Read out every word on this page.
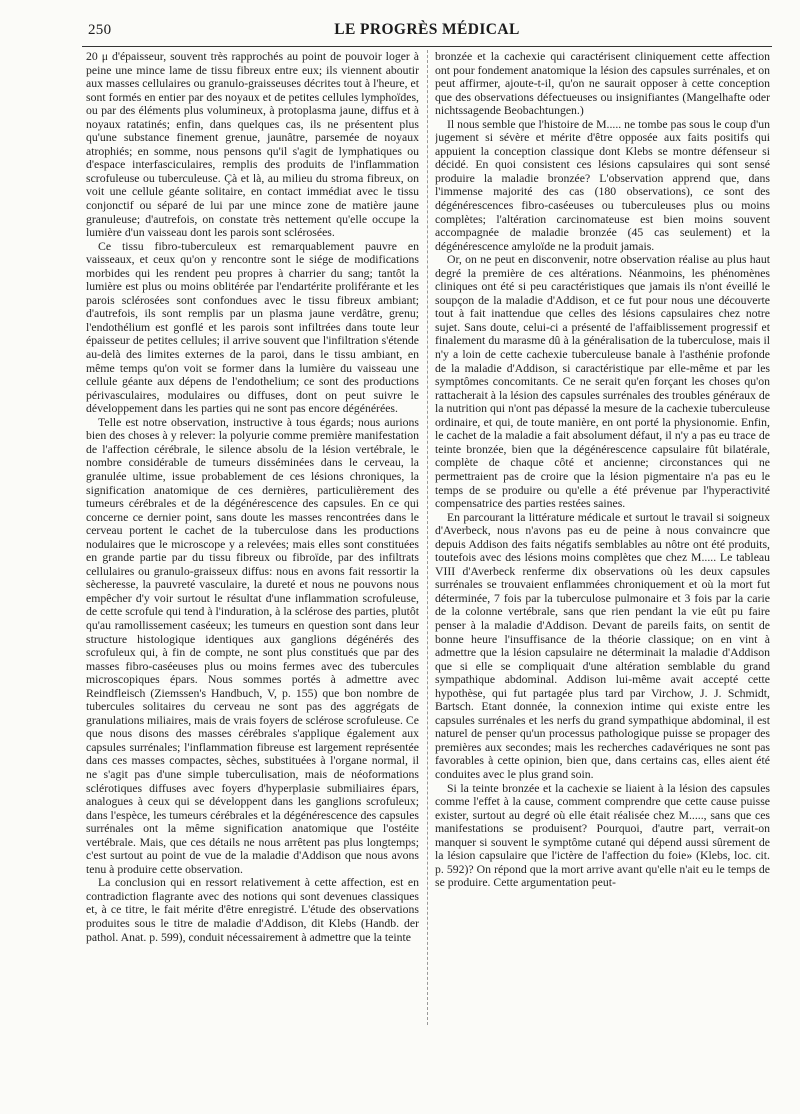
250	LE PROGRÈS MÉDICAL

20 μ d'épaisseur, souvent très rapprochés au point de pouvoir loger à peine une mince lame de tissu fibreux entre eux; ils viennent aboutir aux masses cellulaires ou granulo-graisseuses décrites tout à l'heure, et sont formés en entier par des noyaux et de petites cellules lymphoïdes, ou par des éléments plus volumineux, à protoplasma jaune, diffus et à noyaux ratatinés; enfin, dans quelques cas, ils ne présentent plus qu'une substance finement grenue, jaunâtre, parsemée de noyaux atrophiés; en somme, nous pensons qu'il s'agit de lymphatiques ou d'espace interfasciculaires, remplis des produits de l'inflammation scrofuleuse ou tuberculeuse. Çà et là, au milieu du stroma fibreux, on voit une cellule géante solitaire, en contact immédiat avec le tissu conjonctif ou séparé de lui par une mince zone de matière jaune granuleuse; d'autrefois, on constate très nettement qu'elle occupe la lumière d'un vaisseau dont les parois sont sclérosées.

Ce tissu fibro-tuberculeux est remarquablement pauvre en vaisseaux, et ceux qu'on y rencontre sont le siége de modifications morbides qui les rendent peu propres à charrier du sang; tantôt la lumière est plus ou moins oblitérée par l'endartérite proliférante et les parois sclérosées sont confondues avec le tissu fibreux ambiant; d'autrefois, ils sont remplis par un plasma jaune verdâtre, grenu; l'endothélium est gonflé et les parois sont infiltrées dans toute leur épaisseur de petites cellules; il arrive souvent que l'infiltration s'étende au-delà des limites externes de la paroi, dans le tissu ambiant, en même temps qu'on voit se former dans la lumière du vaisseau une cellule géante aux dépens de l'endothelium; ce sont des productions périvasculaires, modulaires ou diffuses, dont on peut suivre le développement dans les parties qui ne sont pas encore dégénérées.

Telle est notre observation, instructive à tous égards; nous aurions bien des choses à y relever: la polyurie comme première manifestation de l'affection cérébrale, le silence absolu de la lésion vertébrale, le nombre considérable de tumeurs disséminées dans le cerveau, la granulée ultime, issue probablement de ces lésions chroniques, la signification anatomique de ces dernières, particulièrement des tumeurs cérébrales et de la dégénérescence des capsules. En ce qui concerne ce dernier point, sans doute les masses rencontrées dans le cerveau portent le cachet de la tuberculose dans les productions nodulaires que le microscope y a relevées; mais elles sont constituées en grande partie par du tissu fibreux ou fibroïde, par des infiltrats cellulaires ou granulo-graisseux diffus: nous en avons fait ressortir la sècheresse, la pauvreté vasculaire, la dureté et nous ne pouvons nous empêcher d'y voir surtout le résultat d'une inflammation scrofuleuse, de cette scrofule qui tend à l'induration, à la sclérose des parties, plutôt qu'au ramollissement caséeux; les tumeurs en question sont dans leur structure histologique identiques aux ganglions dégénérés des scrofuleux qui, à fin de compte, ne sont plus constitués que par des masses fibro-caséeuses plus ou moins fermes avec des tubercules microscopiques épars. Nous sommes portés à admettre avec Reindfleisch (Ziemssen's Handbuch, V, p. 155) que bon nombre de tubercules solitaires du cerveau ne sont pas des aggrégats de granulations miliaires, mais de vrais foyers de sclérose scrofuleuse. Ce que nous disons des masses cérébrales s'applique également aux capsules surrénales; l'inflammation fibreuse est largement représentée dans ces masses compactes, sèches, substituées à l'organe normal, il ne s'agit pas d'une simple tuberculisation, mais de néoformations sclérotiques diffuses avec foyers d'hyperplasie submiliaires épars, analogues à ceux qui se développent dans les ganglions scrofuleux; dans l'espèce, les tumeurs cérébrales et la dégénérescence des capsules surrénales ont la même signification anatomique que l'ostéite vertébrale. Mais, que ces détails ne nous arrêtent pas plus longtemps; c'est surtout au point de vue de la maladie d'Addison que nous avons tenu à produire cette observation.

La conclusion qui en ressort relativement à cette affection, est en contradiction flagrante avec des notions qui sont devenues classiques et, à ce titre, le fait mérite d'être enregistré. L'étude des observations produites sous le titre de maladie d'Addison, dit Klebs (Handb. der pathol. Anat. p. 599), conduit nécessairement à admettre que la teinte

bronzée et la cachexie qui caractérisent cliniquement cette affection ont pour fondement anatomique la lésion des capsules surrénales, et on peut affirmer, ajoute-t-il, qu'on ne saurait opposer à cette conception que des observations défectueuses ou insignifiantes (Mangelhafte oder nichtssagende Beobachtungen.)

Il nous semble que l'histoire de M..... ne tombe pas sous le coup d'un jugement si sévère et mérite d'être opposée aux faits positifs qui appuient la conception classique dont Klebs se montre défenseur si décidé. En quoi consistent ces lésions capsulaires qui sont sensé produire la maladie bronzée? L'observation apprend que, dans l'immense majorité des cas (180 observations), ce sont des dégénérescences fibro-caséeuses ou tuberculeuses plus ou moins complètes; l'altération carcinomateuse est bien moins souvent accompagnée de maladie bronzée (45 cas seulement) et la dégénérescence amyloïde ne la produit jamais.

Or, on ne peut en disconvenir, notre observation réalise au plus haut degré la première de ces altérations. Néanmoins, les phénomènes cliniques ont été si peu caractéristiques que jamais ils n'ont éveillé le soupçon de la maladie d'Addison, et ce fut pour nous une découverte tout à fait inattendue que celles des lésions capsulaires chez notre sujet. Sans doute, celui-ci a présenté de l'affaiblissement progressif et finalement du marasme dû à la généralisation de la tuberculose, mais il n'y a loin de cette cachexie tuberculeuse banale à l'asthénie profonde de la maladie d'Addison, si caractéristique par elle-même et par les symptômes concomitants. Ce ne serait qu'en forçant les choses qu'on rattacherait à la lésion des capsules surrénales des troubles généraux de la nutrition qui n'ont pas dépassé la mesure de la cachexie tuberculeuse ordinaire, et qui, de toute manière, en ont porté la physionomie. Enfin, le cachet de la maladie a fait absolument défaut, il n'y a pas eu trace de teinte bronzée, bien que la dégénérescence capsulaire fût bilatérale, complète de chaque côté et ancienne; circonstances qui ne permettraient pas de croire que la lésion pigmentaire n'a pas eu le temps de se produire ou qu'elle a été prévenue par l'hyperactivité compensatrice des parties restées saines.

En parcourant la littérature médicale et surtout le travail si soigneux d'Averbeck, nous n'avons pas eu de peine à nous convaincre que depuis Addison des faits négatifs semblables au nôtre ont été produits, toutefois avec des lésions moins complètes que chez M..... Le tableau VIII d'Averbeck renferme dix observations où les deux capsules surrénales se trouvaient enflammées chroniquement et où la mort fut déterminée, 7 fois par la tuberculose pulmonaire et 3 fois par la carie de la colonne vertébrale, sans que rien pendant la vie eût pu faire penser à la maladie d'Addison. Devant de pareils faits, on sentit de bonne heure l'insuffisance de la théorie classique; on en vint à admettre que la lésion capsulaire ne déterminait la maladie d'Addison que si elle se compliquait d'une altération semblable du grand sympathique abdominal. Addison lui-même avait accepté cette hypothèse, qui fut partagée plus tard par Virchow, J. J. Schmidt, Bartsch. Etant donnée, la connexion intime qui existe entre les capsules surrénales et les nerfs du grand sympathique abdominal, il est naturel de penser qu'un processus pathologique puisse se propager des premières aux secondes; mais les recherches cadavériques ne sont pas favorables à cette opinion, bien que, dans certains cas, elles aient été conduites avec le plus grand soin.

Si la teinte bronzée et la cachexie se liaient à la lésion des capsules comme l'effet à la cause, comment comprendre que cette cause puisse exister, surtout au degré où elle était réalisée chez M....., sans que ces manifestations se produisent? Pourquoi, d'autre part, verrait-on manquer si souvent le symptôme cutané qui dépend aussi sûrement de la lésion capsulaire que l'ictère de l'affection du foie» (Klebs, loc. cit. p. 592)? On répond que la mort arrive avant qu'elle n'ait eu le temps de se produire. Cette argumentation peut-
